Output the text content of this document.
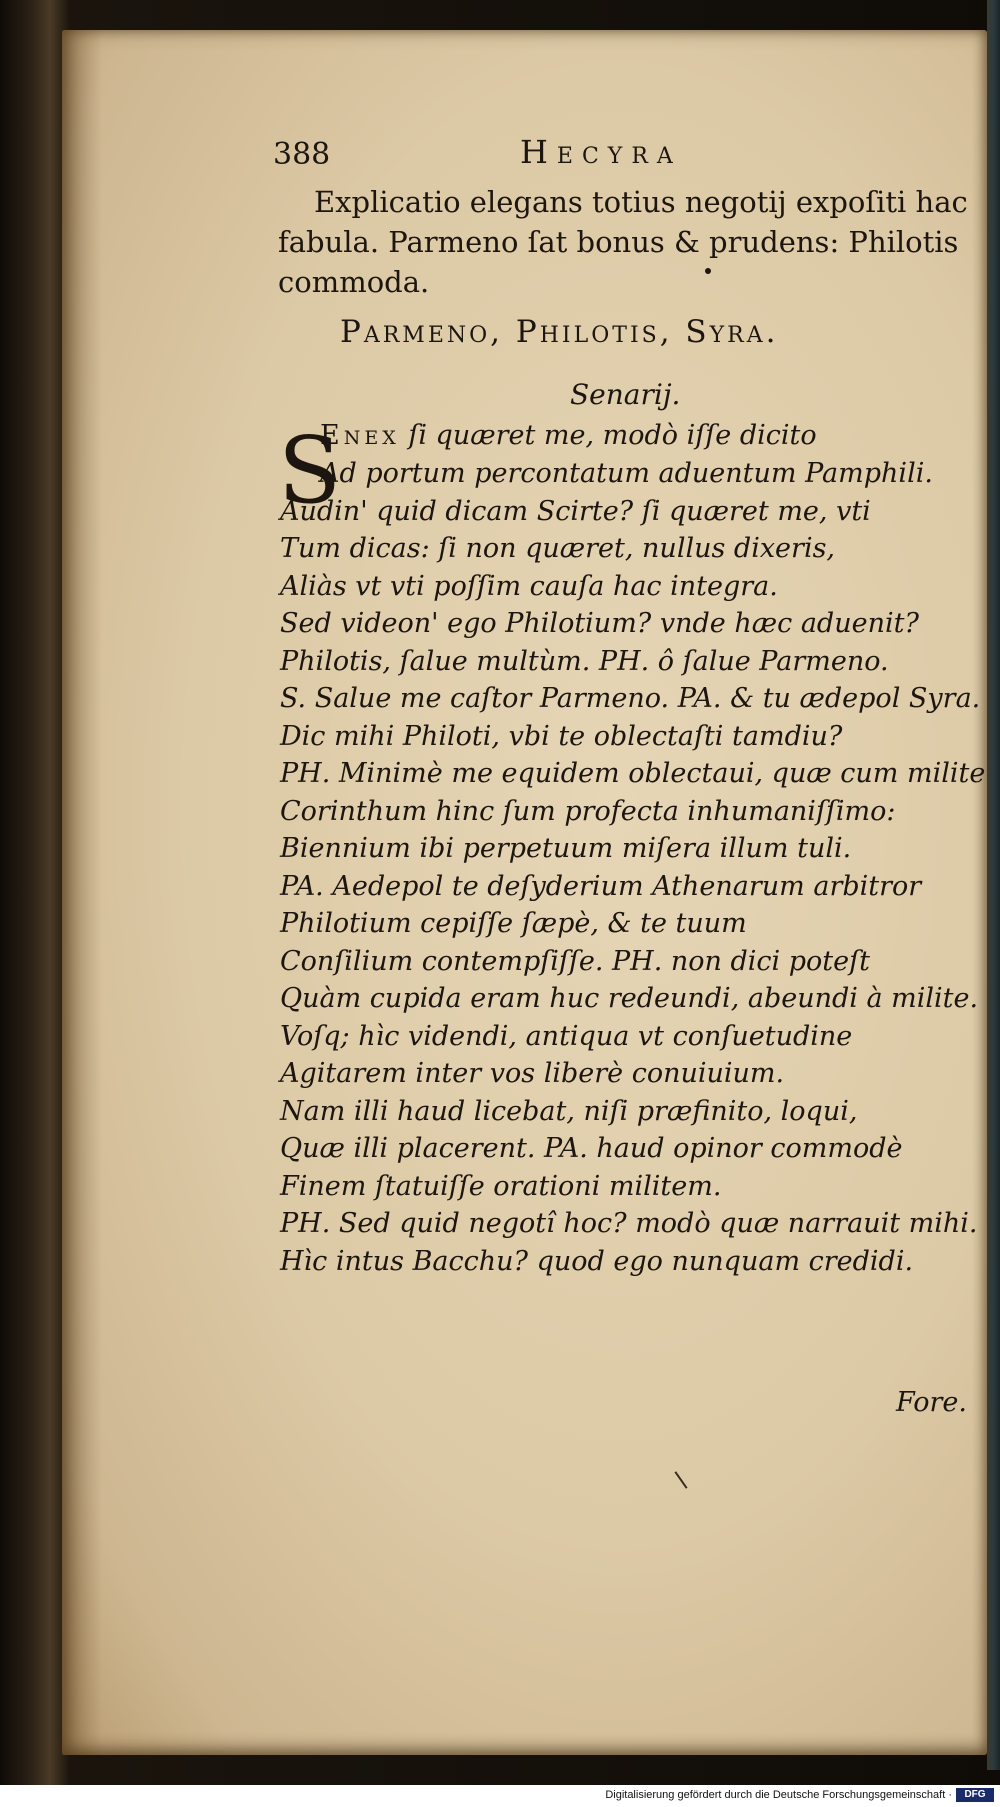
388	Hecyra
Explicatio elegans totius negotij expoſiti hac
fabula. Parmeno ſat bonus & prudens: Philotis
commoda.
Parmeno, Philotis, Syra.
Senarij.
S
Enex ſi quæret me, modò iſſe dicito
Ad portum percontatum aduentum Pamphili.
Audin' quid dicam Scirte? ſi quæret me, vti
Tum dicas: ſi non quæret, nullus dixeris,
Aliàs vt vti poſſim cauſa hac integra.
Sed videon' ego Philotium? vnde hæc aduenit?
Philotis, ſalue multùm. PH. ô ſalue Parmeno.
S. Salue me caſtor Parmeno. PA. & tu ædepol Syra.
Dic mihi Philoti, vbi te oblectaſti tamdiu?
PH. Minimè me equidem oblectaui, quæ cum milite
Corinthum hinc ſum profecta inhumaniſſimo:
Biennium ibi perpetuum miſera illum tuli.
PA. Aedepol te deſyderium Athenarum arbitror
Philotium cepiſſe ſæpè, & te tuum
Conſilium contempſiſſe. PH. non dici poteſt
Quàm cupida eram huc redeundi, abeundi à milite.
Voſq; hìc videndi, antiqua vt conſuetudine
Agitarem inter vos liberè conuiuium.
Nam illi haud licebat, niſi præfinito, loqui,
Quæ illi placerent. PA. haud opinor commodè
Finem ſtatuiſſe orationi militem.
PH. Sed quid negotî hoc? modò quæ narrauit mihi.
Hìc intus Bacchu? quod ego nunquam credidi.
Fore.
Digitalisierung gefördert durch die Deutsche Forschungsgemeinschaft ·	DFG
